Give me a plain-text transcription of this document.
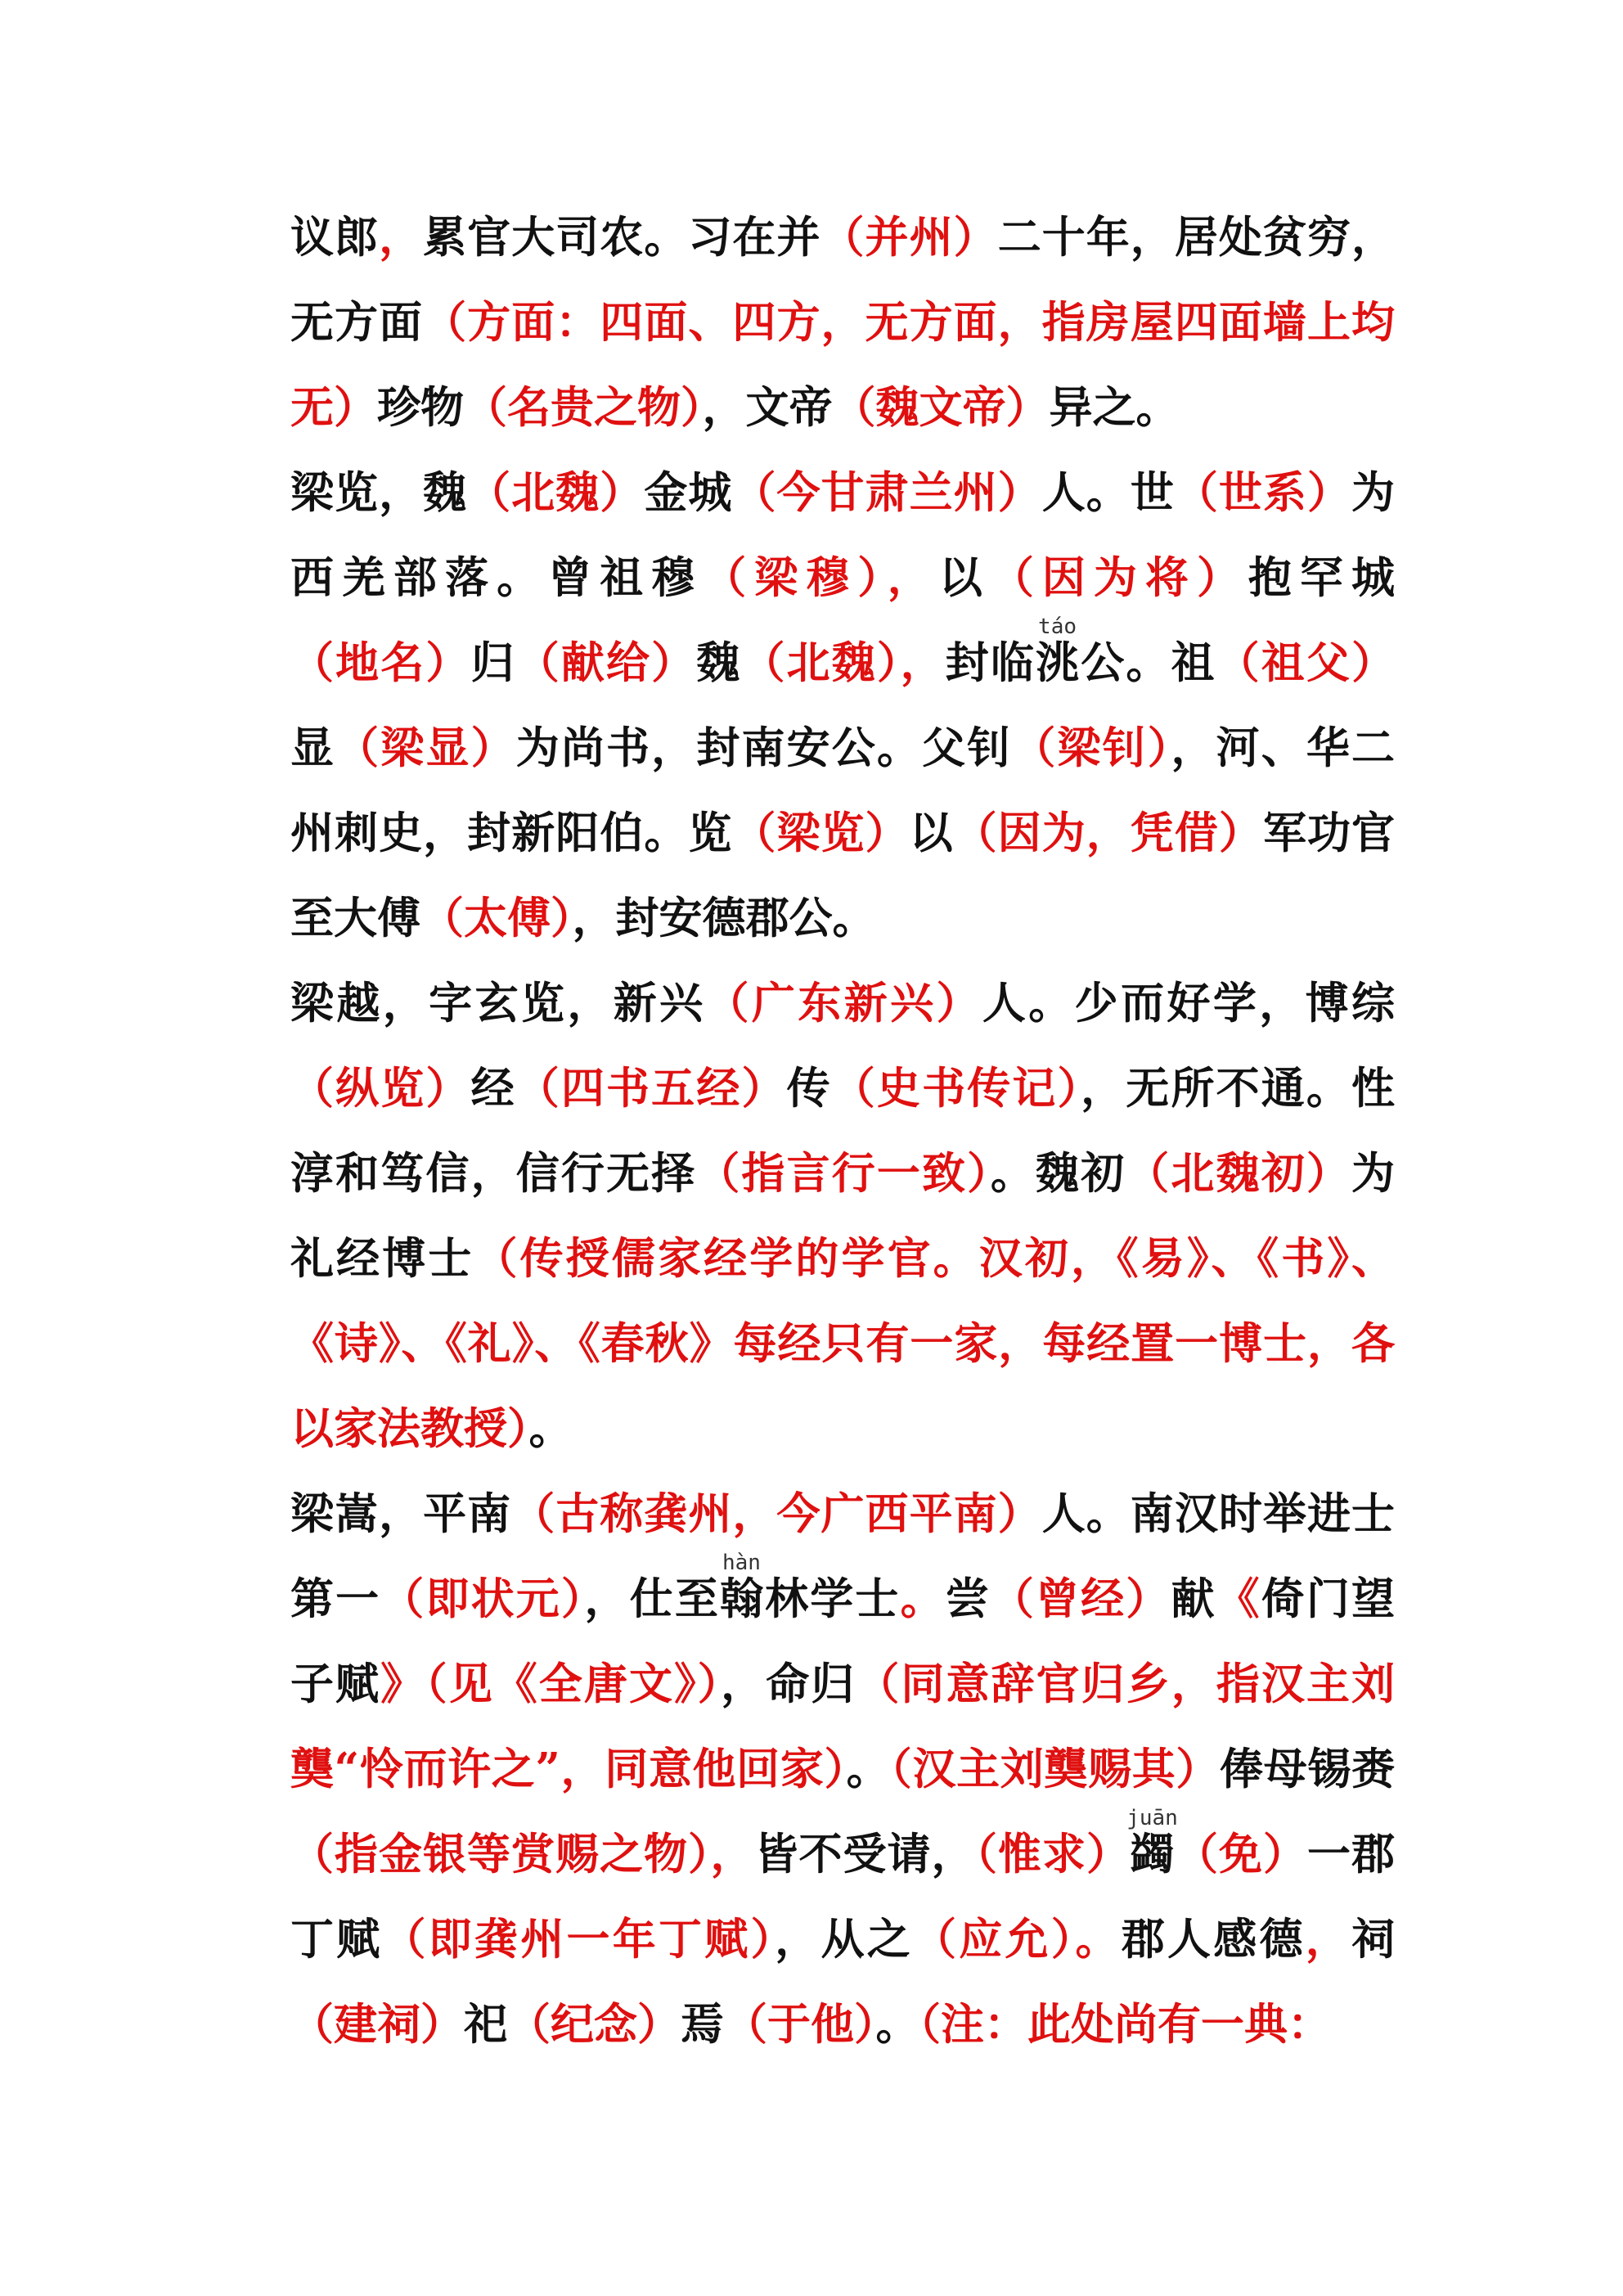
议郎，累官大司农。习在并（并州）二十年，居处贫穷，无方面（方面：四面、四方，无方面，指房屋四面墙上均无）珍物（名贵之物），文帝（魏文帝）异之。

梁览，魏（北魏）金城（今甘肃兰州）人。世（世系）为西羌部落。曾祖穆（梁穆），以（因为将）抱罕城（地名）归（献给）魏（北魏），封临洮táo公。祖（祖父）显（梁显）为尚书，封南安公。父钊（梁钊），河、华二州刺史，封新阳伯。览（梁览）以（因为，凭借）军功官至大傅（太傅），封安德郡公。

梁越，字玄览，新兴（广东新兴）人。少而好学，博综（纵览）经（四书五经）传（史书传记），无所不通。性淳和笃信，信行无择（指言行一致）。魏初（北魏初）为礼经博士（传授儒家经学的学官。汉初，《易》、《书》、《诗》、《礼》、《春秋》每经只有一家，每经置一博士，各以家法教授）。

梁嵩，平南（古称龚州，今广西平南）人。南汉时举进士第一（即状元），仕至翰hàn林学士。尝（曾经）献《倚门望子赋》（见《全唐文》），命归（同意辞官归乡，指汉主刘龑“怜而许之”，同意他回家）。（汉主刘龑赐其）俸母锡赉（指金银等赏赐之物），皆不受请，（惟求）蠲juān（免）一郡丁赋（即龚州一年丁赋），从之（应允）。郡人感德，祠（建祠）祀（纪念）焉（于他）。（注：此处尚有一典：
